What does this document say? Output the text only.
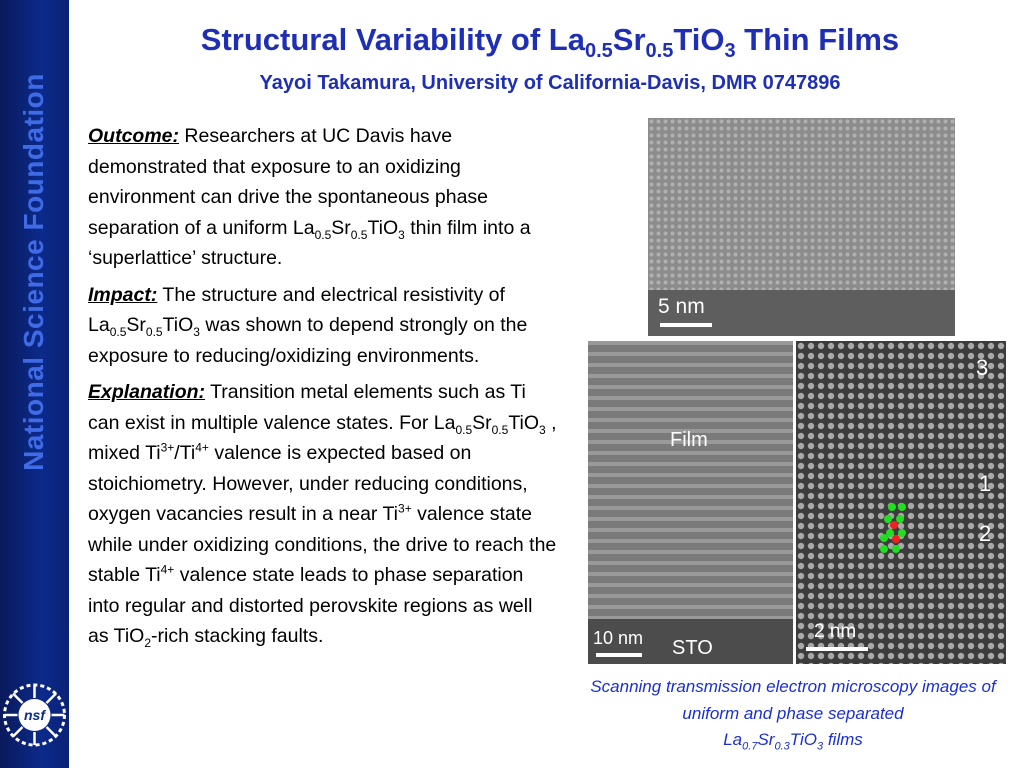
National Science Foundation
nsf
Structural Variability of $La_{0.5}Sr_{0.5}TiO_3$ Thin Films
Yayoi Takamura, University of California-Davis, DMR 0747896

Outcome: Researchers at UC Davis have demonstrated that exposure to an oxidizing environment can drive the spontaneous phase separation of a uniform $La_{0.5}Sr_{0.5}TiO_3$ thin film into a ‘superlattice’ structure.

Impact: The structure and electrical resistivity of $La_{0.5}Sr_{0.5}TiO_3$ was shown to depend strongly on the exposure to reducing/oxidizing environments.

Explanation: Transition metal elements such as Ti can exist in multiple valence states. For $La_{0.5}Sr_{0.5}TiO_3$ , mixed $Ti^{3+}/Ti^{4+}$ valence is expected based on stoichiometry. However, under reducing conditions, oxygen vacancies result in a near $Ti^{3+}$ valence state while under oxidizing conditions, the drive to reach the stable $Ti^{4+}$ valence state leads to phase separation into regular and distorted perovskite regions as well as TiO$_2$-rich stacking faults.

5 nm
Film
10 nm STO
3
1
2
2 nm
Scanning transmission electron microscopy images of uniform and phase separated
$La_{0.7}Sr_{0.3}TiO_3$ films
